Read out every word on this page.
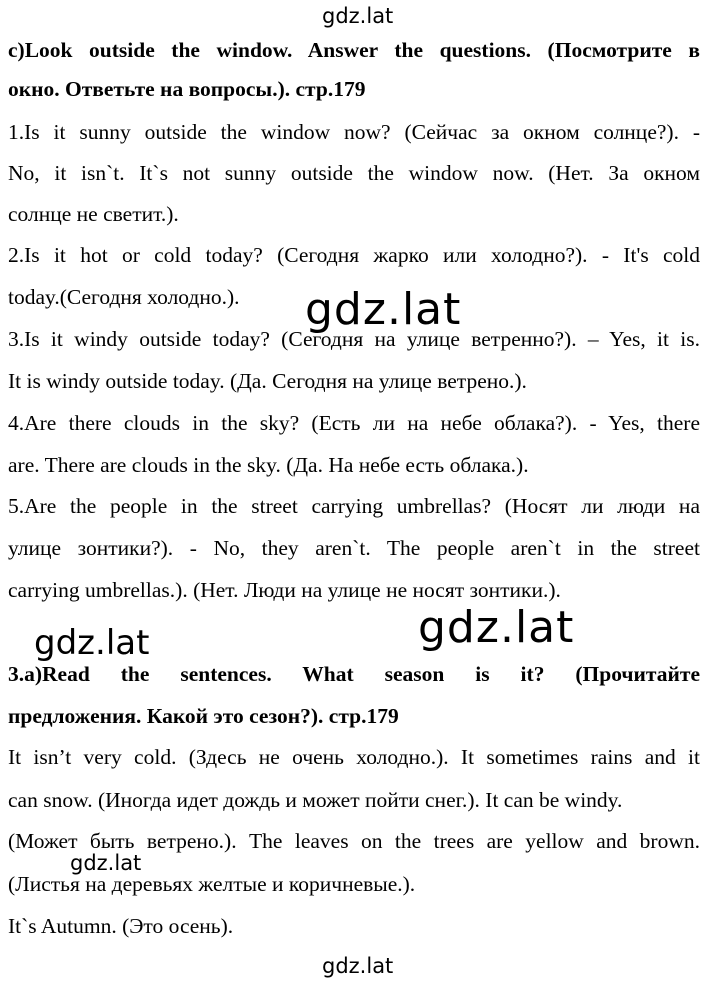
gdz.lat
c)Look outside the window. Answer the questions. (Посмотрите в
окно. Ответьте на вопросы.). стр.179
1.Is it sunny outside the window now? (Сейчас за окном солнце?). -
No, it isn`t. It`s not sunny outside the window now. (Нет. За окном
солнце не светит.).
2.Is it hot or cold today? (Сегодня жарко или холодно?). - It's cold
today.(Сегодня холодно.).
3.Is it windy outside today? (Сегодня на улице ветренно?). – Yes, it is.
It is windy outside today. (Да. Сегодня на улице ветрено.).
4.Are there clouds in the sky? (Есть ли на небе облака?). - Yes, there
are. There are clouds in the sky. (Да. На небе есть облака.).
5.Are the people in the street carrying umbrellas? (Носят ли люди на
улице зонтики?). - No, they aren`t. The people aren`t in the street
carrying umbrellas.). (Нет. Люди на улице не носят зонтики.).
gdz.lat
gdz.lat	gdz.lat
3.a)Read the sentences. What season is it? (Прочитайте
предложения. Какой это сезон?). стр.179
It isn’t very cold. (Здесь не очень холодно.). It sometimes rains and it
can snow. (Иногда идет дождь и может пойти снег.). It can be windy.
(Может быть ветрено.). The leaves on the trees are yellow and brown.
(Листья на деревьях желтые и коричневые.).
It`s Autumn. (Это осень).
gdz.lat
gdz.lat
